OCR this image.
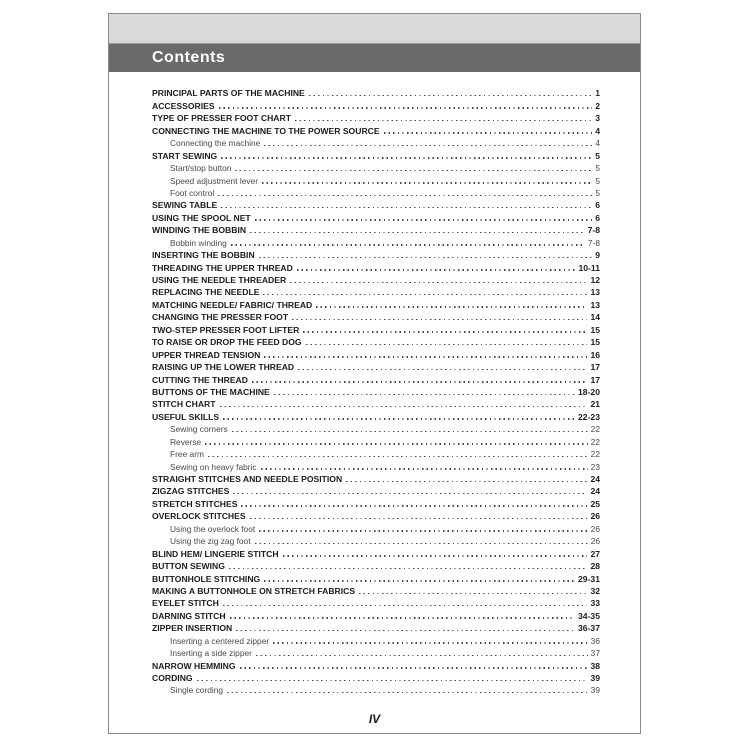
Contents
PRINCIPAL PARTS OF THE MACHINE	1
ACCESSORIES	2
TYPE OF PRESSER FOOT CHART	3
CONNECTING THE MACHINE TO THE POWER SOURCE	4
Connecting the machine	4
START SEWING	5
Start/stop button	5
Speed adjustment lever	5
Foot control	5
SEWING TABLE	6
USING THE SPOOL NET	6
WINDING THE BOBBIN	7-8
Bobbin winding	7-8
INSERTING THE BOBBIN	9
THREADING THE UPPER THREAD	10-11
USING THE NEEDLE THREADER	12
REPLACING THE NEEDLE	13
MATCHING NEEDLE/ FABRIC/ THREAD	13
CHANGING THE PRESSER FOOT	14
TWO-STEP PRESSER FOOT LIFTER	15
TO RAISE OR DROP THE FEED DOG	15
UPPER THREAD TENSION	16
RAISING UP THE LOWER THREAD	17
CUTTING THE THREAD	17
BUTTONS OF THE MACHINE	18-20
STITCH CHART	21
USEFUL SKILLS	22-23
Sewing corners	22
Reverse	22
Free arm	22
Sewing on heavy fabric	23
STRAIGHT STITCHES AND NEEDLE POSITION	24
ZIGZAG STITCHES	24
STRETCH STITCHES	25
OVERLOCK STITCHES	26
Using the overlock foot	26
Using the zig zag foot	26
BLIND HEM/ LINGERIE STITCH	27
BUTTON SEWING	28
BUTTONHOLE STITCHING	29-31
MAKING A BUTTONHOLE ON STRETCH FABRICS	32
EYELET STITCH	33
DARNING STITCH	34-35
ZIPPER INSERTION	36-37
Inserting a centered zipper	36
Inserting a side zipper	37
NARROW HEMMING	38
CORDING	39
Single cording	39
IV
